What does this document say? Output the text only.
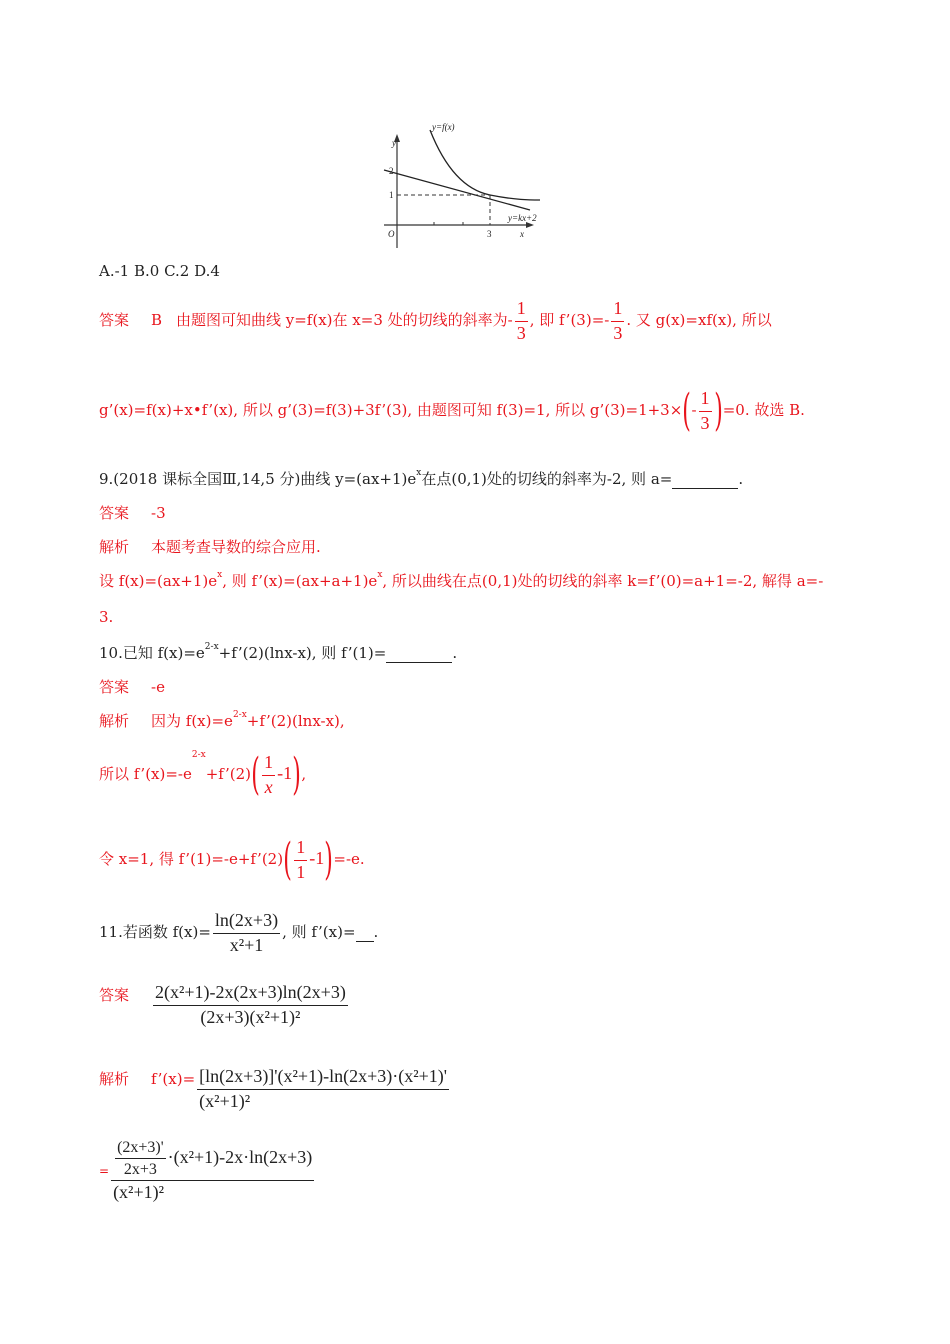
y=f(x)
y=kx+2
y
x
O
2
1
3
A.-1 B.0 C.2 D.4
答案 B 由题图可知曲线 y=f(x)在 x=3 处的切线的斜率为- $\frac{1}{3}$ , 即 f’(3)=- $\frac{1}{3}$ . 又 g(x)=xf(x), 所以
g’(x)=f(x)+x•f’(x), 所以 g’(3)=f(3)+3f’(3), 由题图可知 f(3)=1, 所以 g’(3)=1+3×(- $\frac{1}{3} )=0$. 故选 B.
9.(2018 课标全国Ⅲ,14,5 分)曲线 $y=(ax+1)e^x$在点(0,1)处的切线的斜率为-2, 则 a=	.
答案 -3
解析 本题考查导数的综合应用.
设 $f(x)=(ax+1)e^x$, 则 $f’(x)=(ax+a+1)e^x$, 所以曲线在点(0,1)处的切线的斜率 k=f’(0)=a+1=-2, 解得 a=-
3.
10.已知 $f(x)=e^{2-x}+f’(2)(\ln x-x)$, 则 f’(1)=	.
答案 -e
解析 因为 $f(x)=e^{2-x}+f’(2)(\ln x-x)$,
所以 $f’(x)=-e^{2-x}+f’(2)( \frac{1}{x} -1)$,
令 x=1, 得 f’(1)=-e+f’(2)( $\frac{1}{1} -1)=-e$.
11.若函数 $f(x)= \frac{\ln(2x+3)}{\text{x²+1}}$ , 则 f’(x)= .
答案 $\frac{\text{2(x²+1)-2x(2x+3)ln(2x+3)}}{\text{(2x+3)(x²+1)²}}$
解析 f’(x)= $\frac{\text{[ln(2x+3)]'(x²+1)-ln(2x+3)·(x²+1)'}}{\text{(x²+1)²}}$
= $\frac{\frac{(2x+3)'}{2x+3} \cdot(x^2+1)-2x\cdot\ln(2x+3)}{\text{(x²+1)²}}$
